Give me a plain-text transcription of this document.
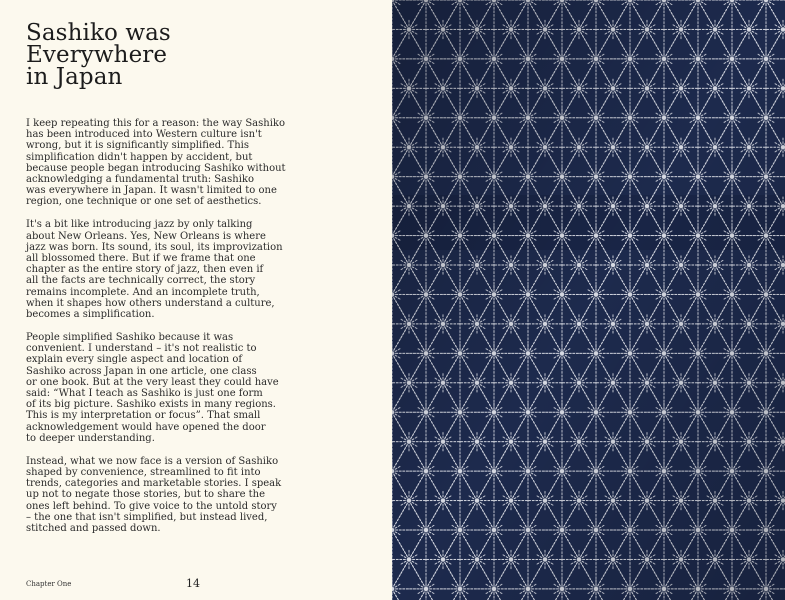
Sashiko was
Everywhere
in Japan

I keep repeating this for a reason: the way Sashiko
has been introduced into Western culture isn't
wrong, but it is significantly simplified. This
simplification didn't happen by accident, but
because people began introducing Sashiko without
acknowledging a fundamental truth: Sashiko
was everywhere in Japan. It wasn't limited to one
region, one technique or one set of aesthetics.

It's a bit like introducing jazz by only talking
about New Orleans. Yes, New Orleans is where
jazz was born. Its sound, its soul, its improvization
all blossomed there. But if we frame that one
chapter as the entire story of jazz, then even if
all the facts are technically correct, the story
remains incomplete. And an incomplete truth,
when it shapes how others understand a culture,
becomes a simplification.

People simplified Sashiko because it was
convenient. I understand – it's not realistic to
explain every single aspect and location of
Sashiko across Japan in one article, one class
or one book. But at the very least they could have
said: “What I teach as Sashiko is just one form
of its big picture. Sashiko exists in many regions.
This is my interpretation or focus”. That small
acknowledgement would have opened the door
to deeper understanding.

Instead, what we now face is a version of Sashiko
shaped by convenience, streamlined to fit into
trends, categories and marketable stories. I speak
up not to negate those stories, but to share the
ones left behind. To give voice to the untold story
– the one that isn't simplified, but instead lived,
stitched and passed down.

Chapter One	14
